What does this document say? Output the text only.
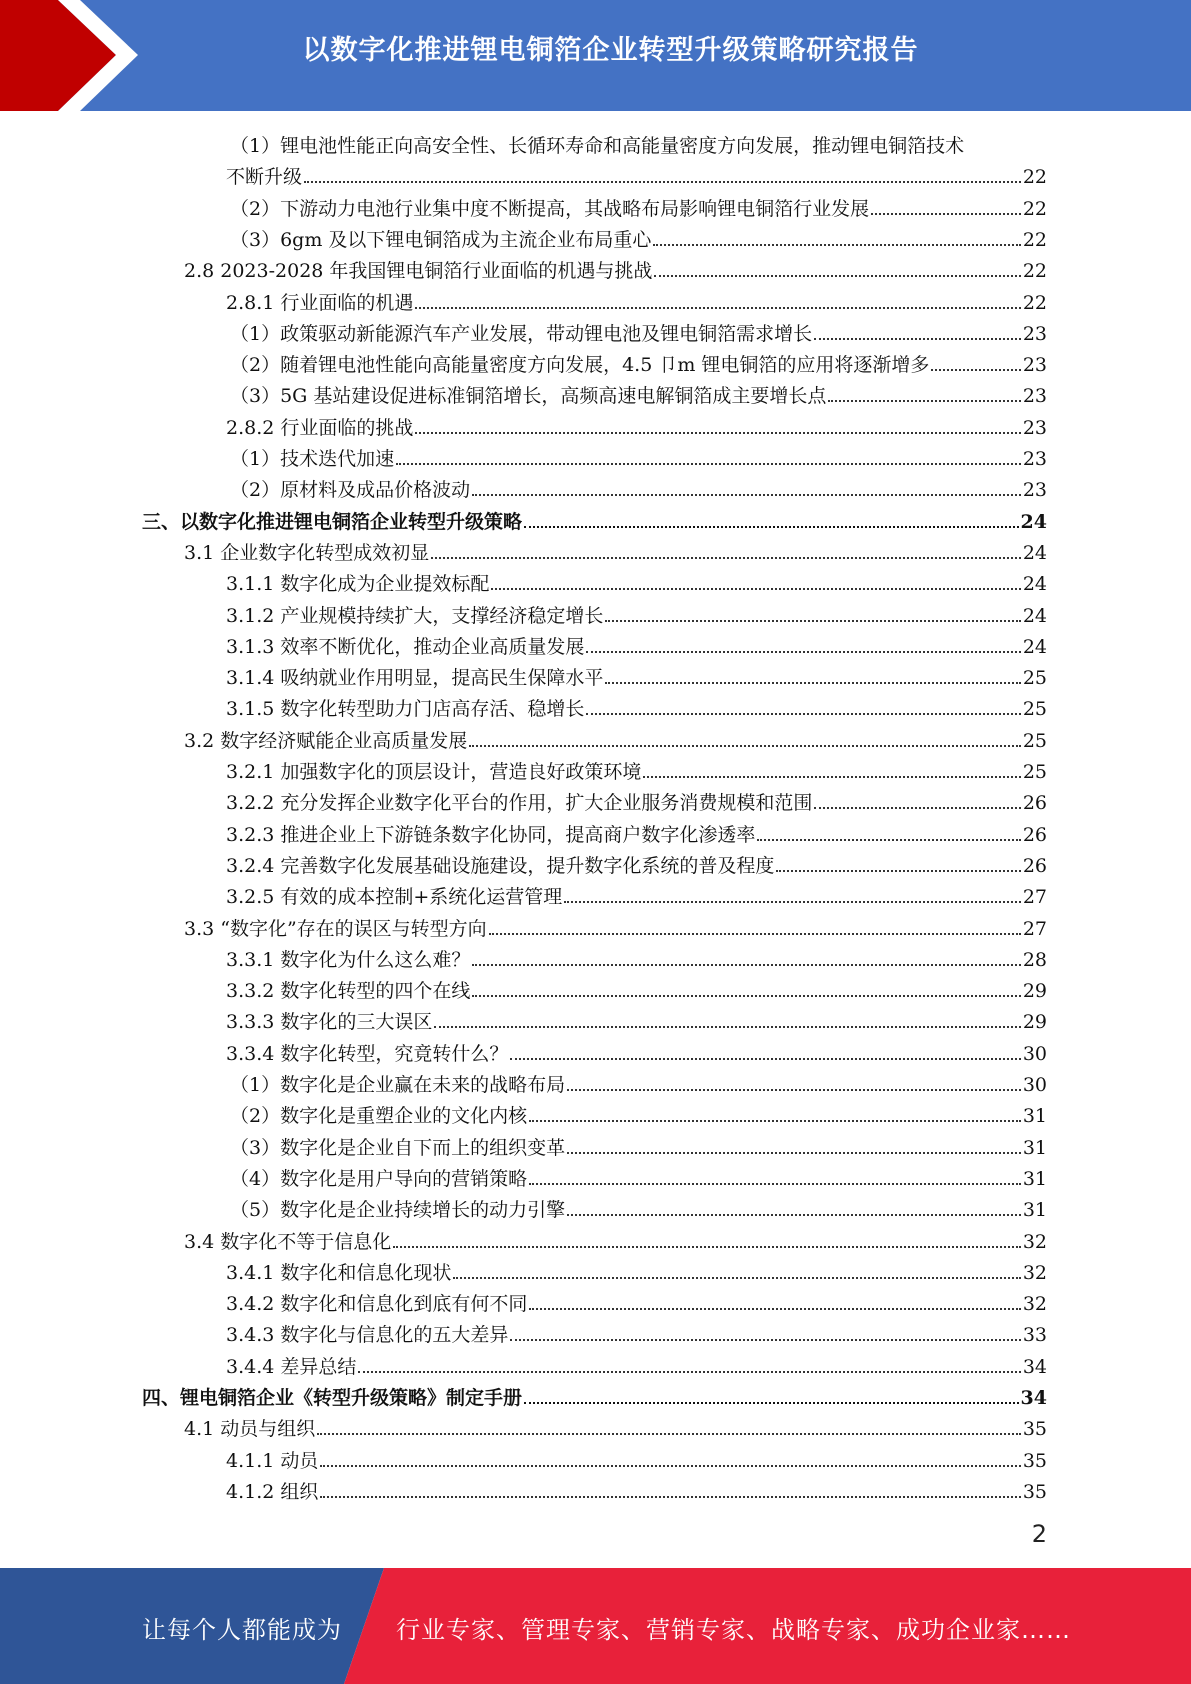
以数字化推进锂电铜箔企业转型升级策略研究报告
（1）锂电池性能正向高安全性、长循环寿命和高能量密度方向发展，推动锂电铜箔技术
不断升级	22
（2）下游动力电池行业集中度不断提高，其战略布局影响锂电铜箔行业发展	22
（3）6gm 及以下锂电铜箔成为主流企业布局重心	22
2.8 2023-2028 年我国锂电铜箔行业面临的机遇与挑战	22
2.8.1 行业面临的机遇	22
（1）政策驱动新能源汽车产业发展，带动锂电池及锂电铜箔需求增长	23
（2）随着锂电池性能向高能量密度方向发展，4.5 卩m 锂电铜箔的应用将逐渐增多	23
（3）5G 基站建设促进标准铜箔增长，高频高速电解铜箔成主要增长点	23
2.8.2 行业面临的挑战	23
（1）技术迭代加速	23
（2）原材料及成品价格波动	23
三、以数字化推进锂电铜箔企业转型升级策略	24
3.1 企业数字化转型成效初显	24
3.1.1 数字化成为企业提效标配	24
3.1.2 产业规模持续扩大，支撑经济稳定增长	24
3.1.3 效率不断优化，推动企业高质量发展	24
3.1.4 吸纳就业作用明显，提高民生保障水平	25
3.1.5 数字化转型助力门店高存活、稳增长	25
3.2 数字经济赋能企业高质量发展	25
3.2.1 加强数字化的顶层设计，营造良好政策环境	25
3.2.2 充分发挥企业数字化平台的作用，扩大企业服务消费规模和范围	26
3.2.3 推进企业上下游链条数字化协同，提高商户数字化渗透率	26
3.2.4 完善数字化发展基础设施建设，提升数字化系统的普及程度	26
3.2.5 有效的成本控制+系统化运营管理	27
3.3 “数字化”存在的误区与转型方向	27
3.3.1 数字化为什么这么难？	28
3.3.2 数字化转型的四个在线	29
3.3.3 数字化的三大误区	29
3.3.4 数字化转型，究竟转什么？	30
（1）数字化是企业赢在未来的战略布局	30
（2）数字化是重塑企业的文化内核	31
（3）数字化是企业自下而上的组织变革	31
（4）数字化是用户导向的营销策略	31
（5）数字化是企业持续增长的动力引擎	31
3.4 数字化不等于信息化	32
3.4.1 数字化和信息化现状	32
3.4.2 数字化和信息化到底有何不同	32
3.4.3 数字化与信息化的五大差异	33
3.4.4 差异总结	34
四、锂电铜箔企业《转型升级策略》制定手册	34
4.1 动员与组织	35
4.1.1 动员	35
4.1.2 组织	35
2
让每个人都能成为 行业专家、管理专家、营销专家、战略专家、成功企业家……
